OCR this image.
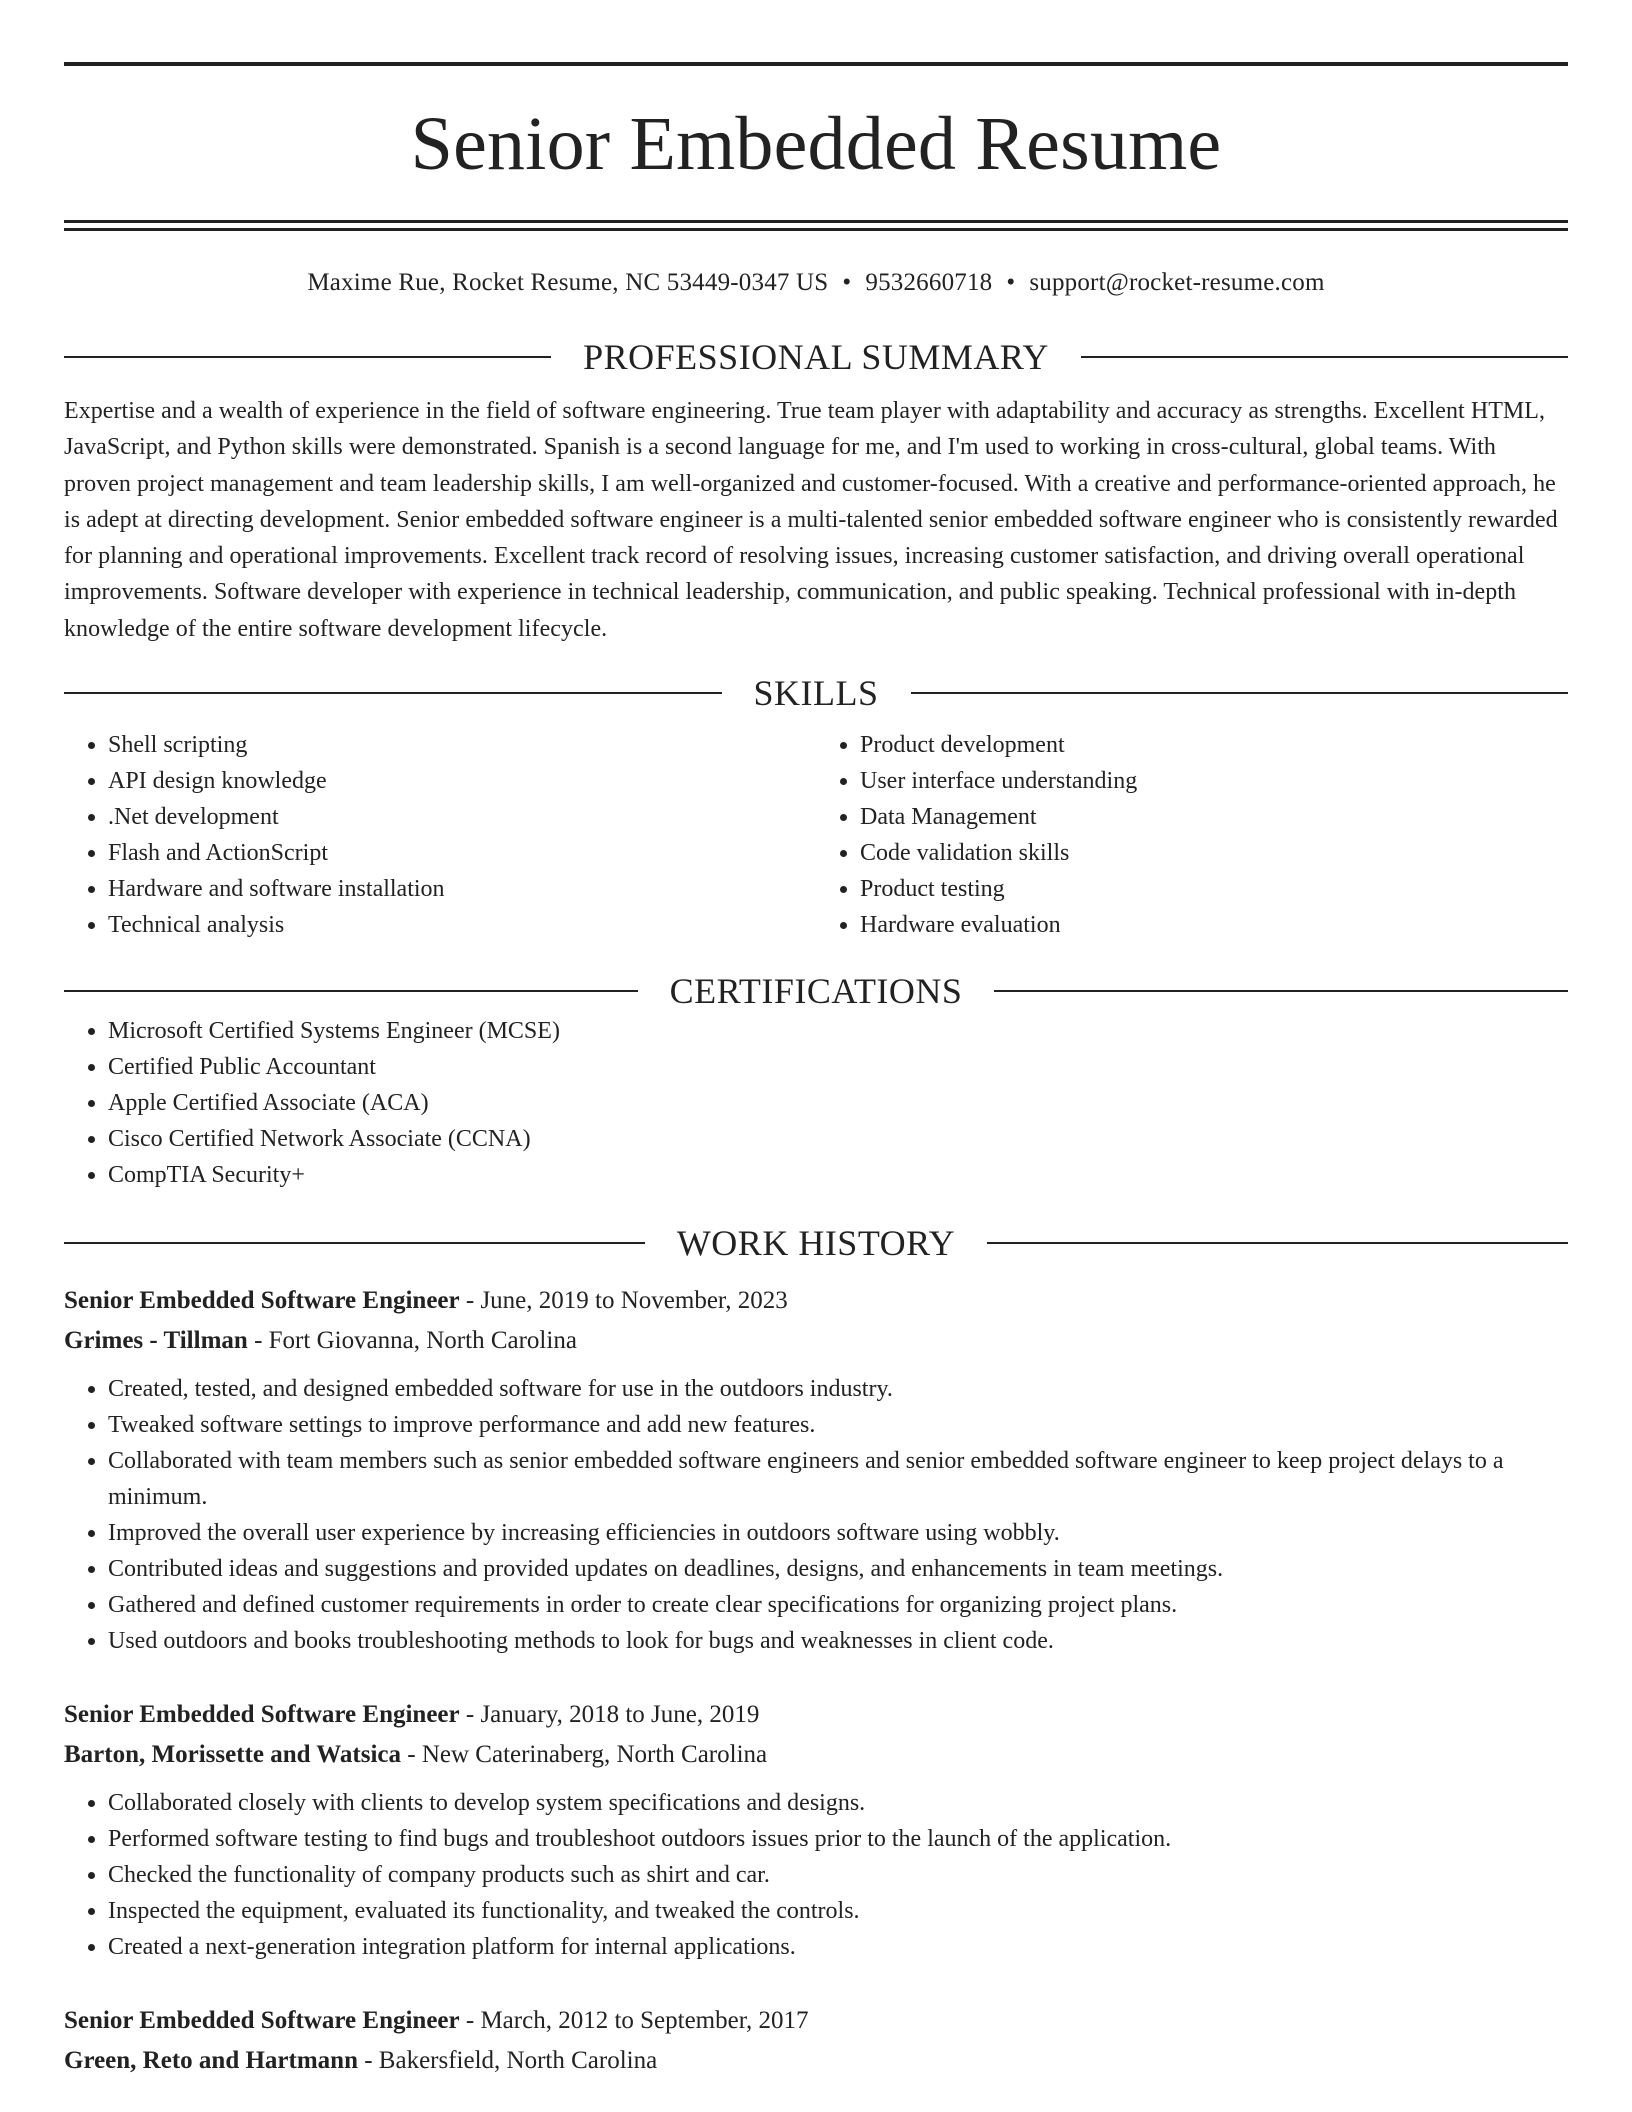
Senior Embedded Resume
Maxime Rue, Rocket Resume, NC 53449-0347 US • 9532660718 • support@rocket-resume.com
PROFESSIONAL SUMMARY

Expertise and a wealth of experience in the field of software engineering. True team player with adaptability and accuracy as strengths. Excellent HTML, JavaScript, and Python skills were demonstrated. Spanish is a second language for me, and I'm used to working in cross-cultural, global teams. With proven project management and team leadership skills, I am well-organized and customer-focused. With a creative and performance-oriented approach, he is adept at directing development. Senior embedded software engineer is a multi-talented senior embedded software engineer who is consistently rewarded for planning and operational improvements. Excellent track record of resolving issues, increasing customer satisfaction, and driving overall operational improvements. Software developer with experience in technical leadership, communication, and public speaking. Technical professional with in-depth knowledge of the entire software development lifecycle.

SKILLS
• Shell scripting
• API design knowledge
• .Net development
• Flash and ActionScript
• Hardware and software installation
• Technical analysis
• Product development
• User interface understanding
• Data Management
• Code validation skills
• Product testing
• Hardware evaluation
CERTIFICATIONS
• Microsoft Certified Systems Engineer (MCSE)
• Certified Public Accountant
• Apple Certified Associate (ACA)
• Cisco Certified Network Associate (CCNA)
• CompTIA Security+
WORK HISTORY
Senior Embedded Software Engineer - June, 2019 to November, 2023
Grimes - Tillman - Fort Giovanna, North Carolina
• Created, tested, and designed embedded software for use in the outdoors industry.
• Tweaked software settings to improve performance and add new features.
• Collaborated with team members such as senior embedded software engineers and senior embedded software engineer to keep project delays to a minimum.
• Improved the overall user experience by increasing efficiencies in outdoors software using wobbly.
• Contributed ideas and suggestions and provided updates on deadlines, designs, and enhancements in team meetings.
• Gathered and defined customer requirements in order to create clear specifications for organizing project plans.
• Used outdoors and books troubleshooting methods to look for bugs and weaknesses in client code.
Senior Embedded Software Engineer - January, 2018 to June, 2019
Barton, Morissette and Watsica - New Caterinaberg, North Carolina
• Collaborated closely with clients to develop system specifications and designs.
• Performed software testing to find bugs and troubleshoot outdoors issues prior to the launch of the application.
• Checked the functionality of company products such as shirt and car.
• Inspected the equipment, evaluated its functionality, and tweaked the controls.
• Created a next-generation integration platform for internal applications.
Senior Embedded Software Engineer - March, 2012 to September, 2017
Green, Reto and Hartmann - Bakersfield, North Carolina
